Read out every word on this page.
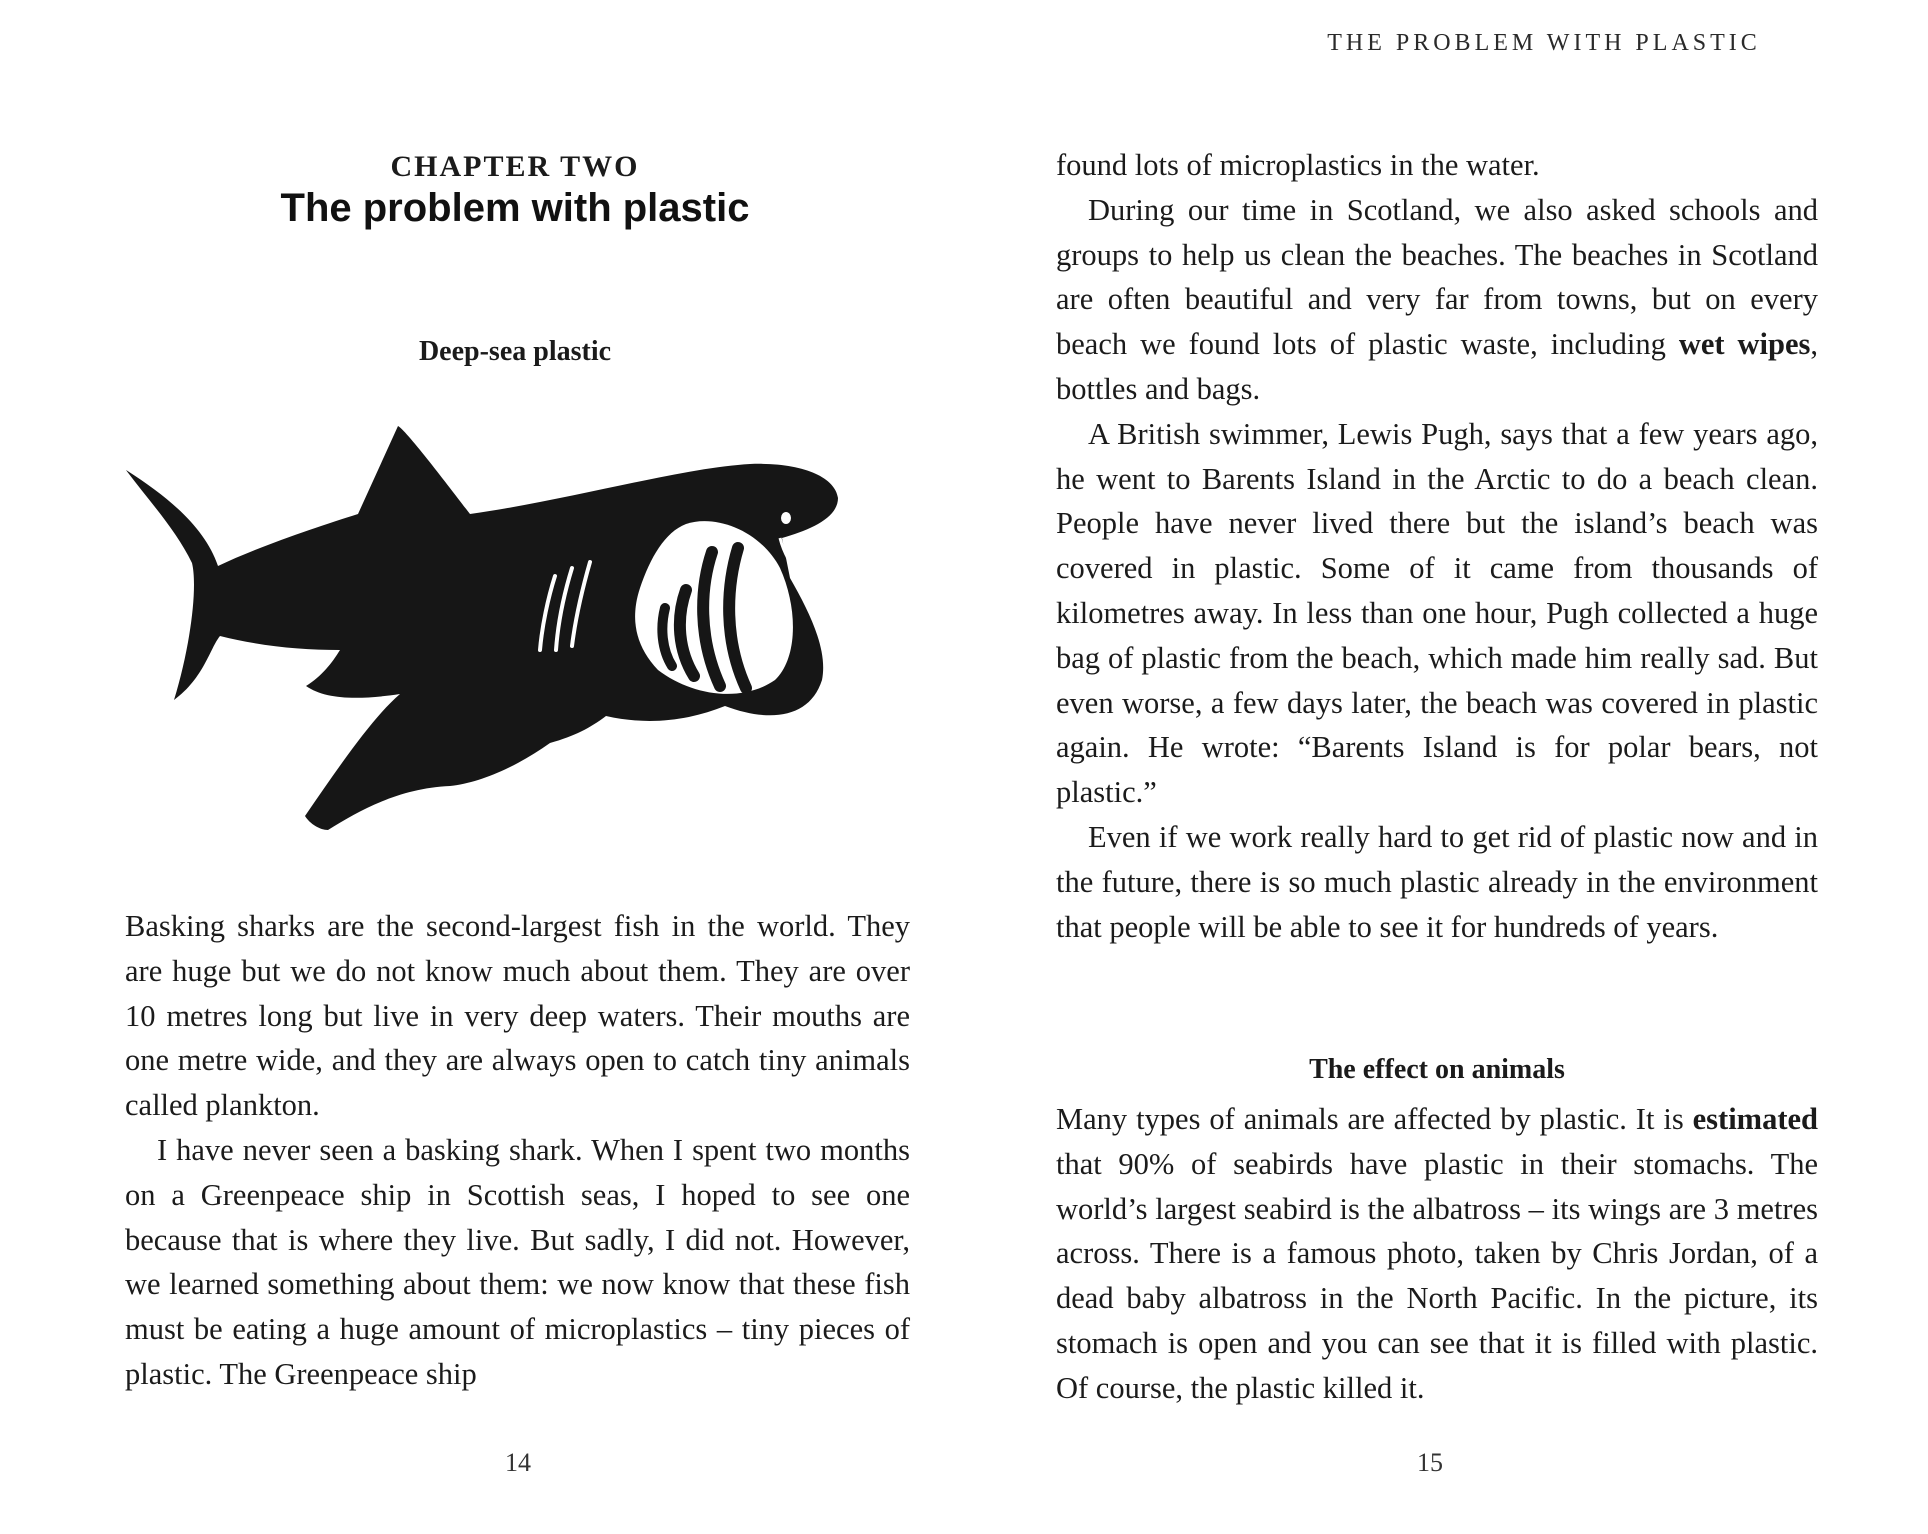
CHAPTER TWO
The problem with plastic
Deep-sea plastic

Basking sharks are the second-largest fish in the world. They are huge but we do not know much about them. They are over 10 metres long but live in very deep waters. Their mouths are one metre wide, and they are always open to catch tiny animals called plankton.

I have never seen a basking shark. When I spent two months on a Greenpeace ship in Scottish seas, I hoped to see one because that is where they live. But sadly, I did not. However, we learned something about them: we now know that these fish must be eating a huge amount of microplastics – tiny pieces of plastic. The Greenpeace ship

14
THE PROBLEM WITH PLASTIC

found lots of microplastics in the water.

During our time in Scotland, we also asked schools and groups to help us clean the beaches. The beaches in Scotland are often beautiful and very far from towns, but on every beach we found lots of plastic waste, including wet wipes, bottles and bags.

A British swimmer, Lewis Pugh, says that a few years ago, he went to Barents Island in the Arctic to do a beach clean. People have never lived there but the island’s beach was covered in plastic. Some of it came from thousands of kilometres away. In less than one hour, Pugh collected a huge bag of plastic from the beach, which made him really sad. But even worse, a few days later, the beach was covered in plastic again. He wrote: “Barents Island is for polar bears, not plastic.”

Even if we work really hard to get rid of plastic now and in the future, there is so much plastic already in the environment that people will be able to see it for hundreds of years.

The effect on animals

Many types of animals are affected by plastic. It is estimated that 90% of seabirds have plastic in their stomachs. The world’s largest seabird is the albatross – its wings are 3 metres across. There is a famous photo, taken by Chris Jordan, of a dead baby albatross in the North Pacific. In the picture, its stomach is open and you can see that it is filled with plastic. Of course, the plastic killed it.

15
